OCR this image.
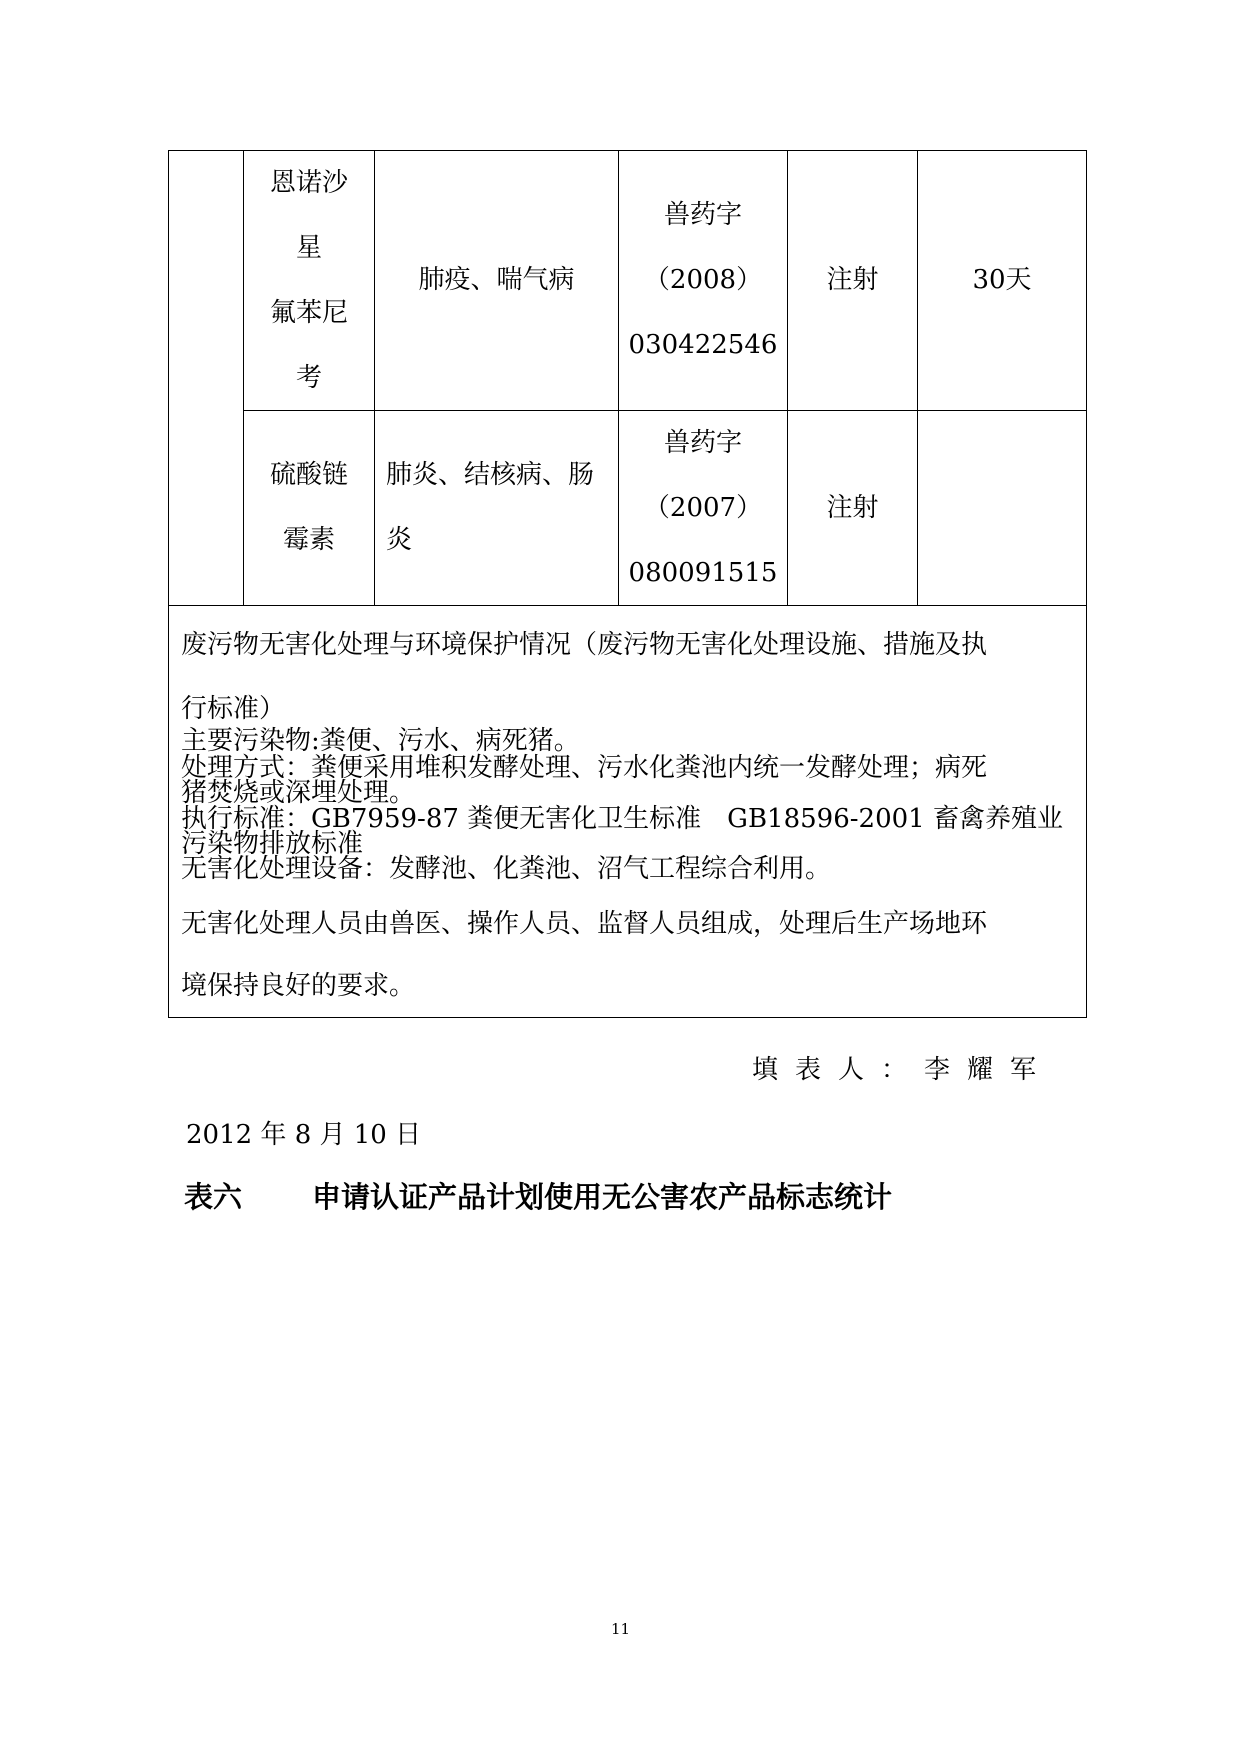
恩诺沙
星
氟苯尼
考
肺疫、喘气病
兽药字
（2008）
030422546
注射	30天
硫酸链
霉素
肺炎、结核病、肠
炎
兽药字
（2007）
080091515
注射
废污物无害化处理与环境保护情况（废污物无害化处理设施、措施及执
行标准）
主要污染物:粪便、污水、病死猪。
处理方式：粪便采用堆积发酵处理、污水化粪池内统一发酵处理；病死
猪焚烧或深埋处理。
执行标准：GB7959-87 粪便无害化卫生标准　GB18596-2001 畜禽养殖业
污染物排放标准
无害化处理设备：发酵池、化粪池、沼气工程综合利用。
无害化处理人员由兽医、操作人员、监督人员组成，处理后生产场地环
境保持良好的要求。
填表人：李耀军
2012 年 8 月 10 日
表六 申请认证产品计划使用无公害农产品标志统计
11
